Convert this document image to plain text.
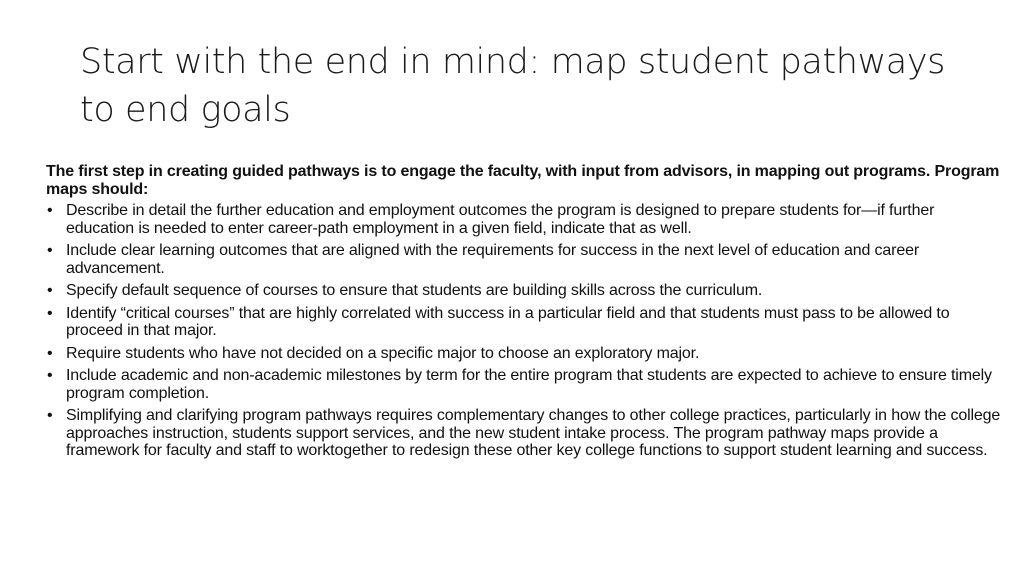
Start with the end in mind: map student pathways to end goals

The first step in creating guided pathways is to engage the faculty, with input from advisors, in mapping out programs. Program maps should:

• Describe in detail the further education and employment outcomes the program is designed to prepare students for—if further education is needed to enter career-path employment in a given field, indicate that as well.
• Include clear learning outcomes that are aligned with the requirements for success in the next level of education and career advancement.
• Specify default sequence of courses to ensure that students are building skills across the curriculum.
• Identify “critical courses” that are highly correlated with success in a particular field and that students must pass to be allowed to proceed in that major.
• Require students who have not decided on a specific major to choose an exploratory major.
• Include academic and non-academic milestones by term for the entire program that students are expected to achieve to ensure timely program completion.
• Simplifying and clarifying program pathways requires complementary changes to other college practices, particularly in how the college approaches instruction, students support services, and the new student intake process. The program pathway maps provide a framework for faculty and staff to worktogether to redesign these other key college functions to support student learning and success.
